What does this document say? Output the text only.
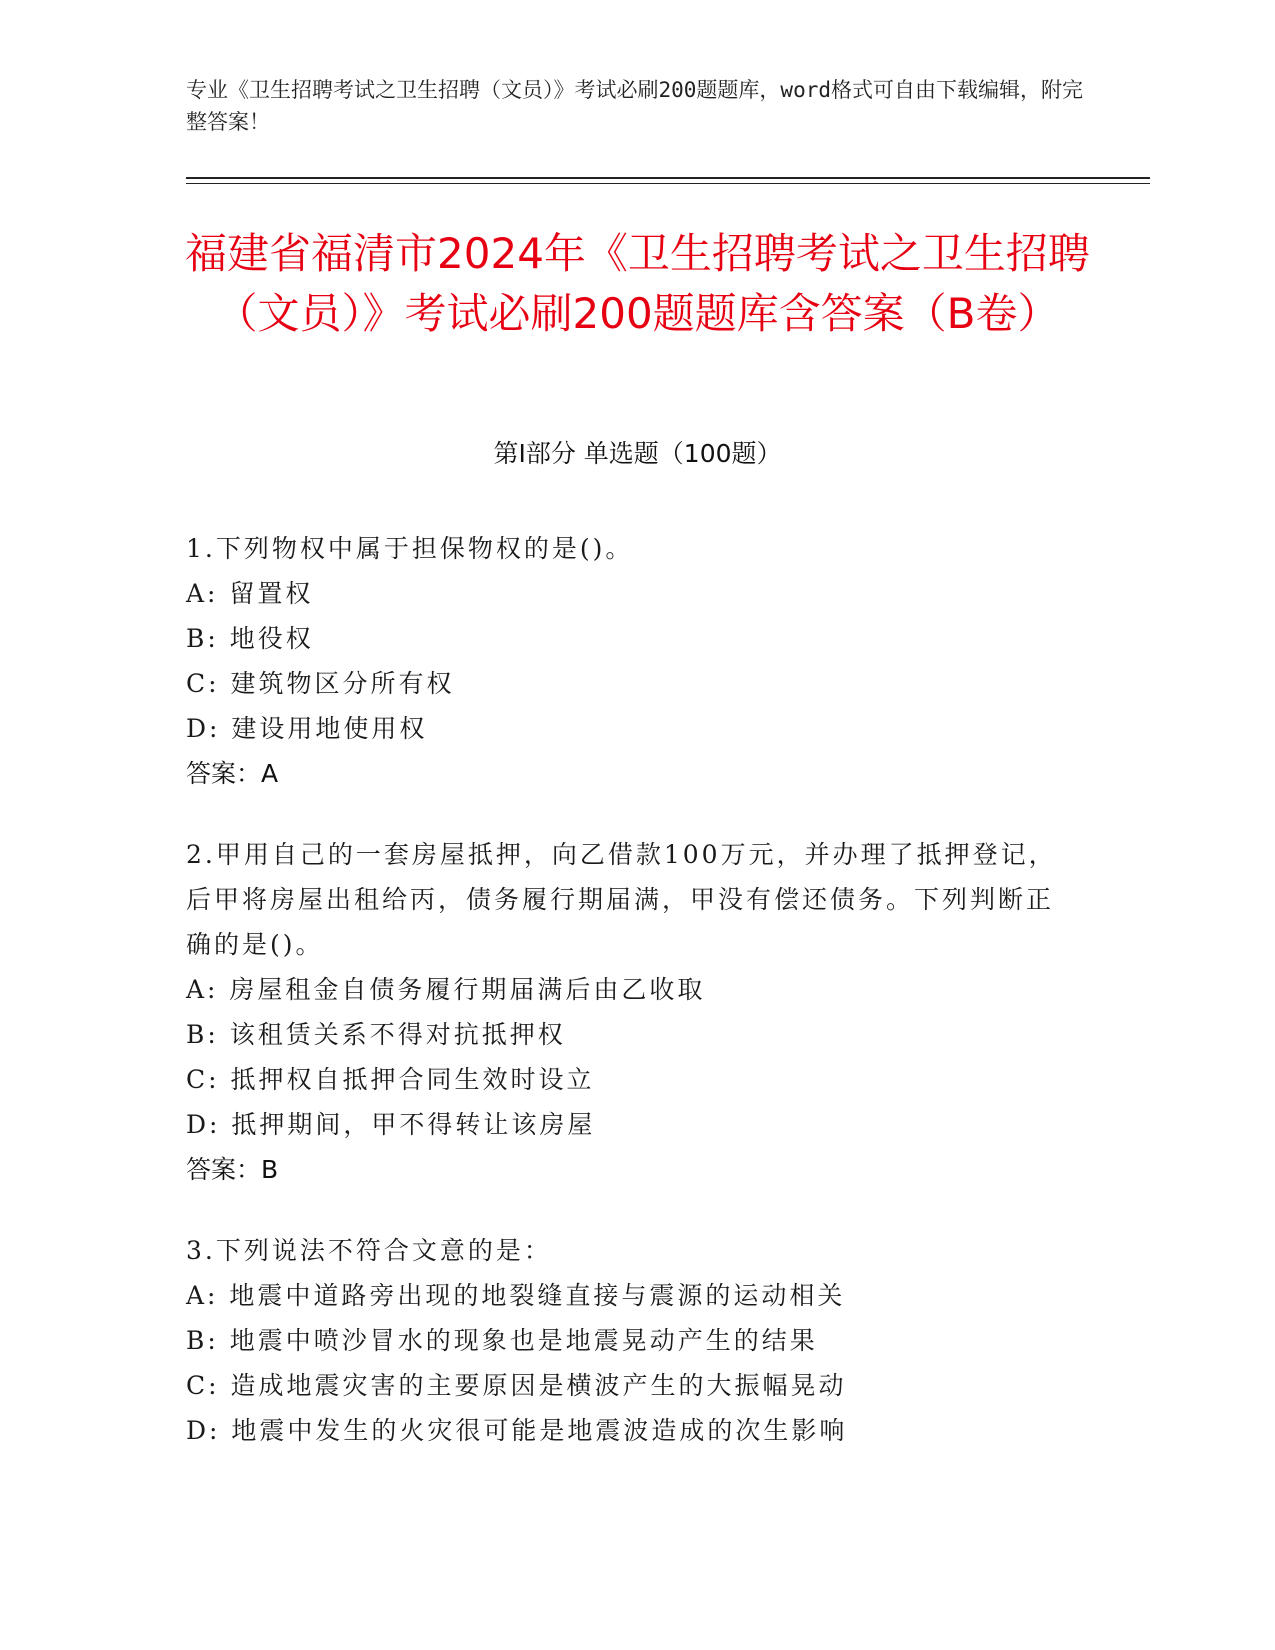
专业《卫生招聘考试之卫生招聘（文员）》考试必刷200题题库，word格式可自由下载编辑，附完整答案！
福建省福清市2024年《卫生招聘考试之卫生招聘（文员）》考试必刷200题题库含答案（B卷）
第Ⅰ部分 单选题（100题）
1.下列物权中属于担保物权的是()。
A: 留置权
B: 地役权
C: 建筑物区分所有权
D: 建设用地使用权
答案：A
2.甲用自己的一套房屋抵押，向乙借款100万元，并办理了抵押登记，后甲将房屋出租给丙，债务履行期届满，甲没有偿还债务。下列判断正确的是()。
A: 房屋租金自债务履行期届满后由乙收取
B: 该租赁关系不得对抗抵押权
C: 抵押权自抵押合同生效时设立
D: 抵押期间，甲不得转让该房屋
答案：B
3.下列说法不符合文意的是：
A: 地震中道路旁出现的地裂缝直接与震源的运动相关
B: 地震中喷沙冒水的现象也是地震晃动产生的结果
C: 造成地震灾害的主要原因是横波产生的大振幅晃动
D: 地震中发生的火灾很可能是地震波造成的次生影响
